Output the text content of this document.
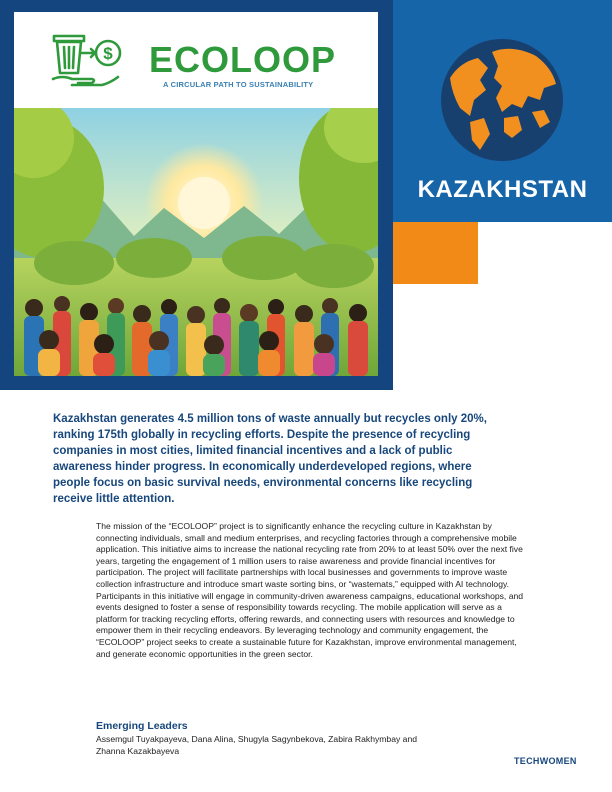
$ ECOLOOP
A CIRCULAR PATH TO SUSTAINABILITY
KAZAKHSTAN

Kazakhstan generates 4.5 million tons of waste annually but recycles only 20%, ranking 175th globally in recycling efforts. Despite the presence of recycling companies in most cities, limited financial incentives and a lack of public awareness hinder progress. In economically underdeveloped regions, where people focus on basic survival needs, environmental concerns like recycling receive little attention.

The mission of the “ECOLOOP” project is to significantly enhance the recycling culture in Kazakhstan by connecting individuals, small and medium enterprises, and recycling factories through a comprehensive mobile application. This initiative aims to increase the national recycling rate from 20% to at least 50% over the next five years, targeting the engagement of 1 million users to raise awareness and provide financial incentives for participation. The project will facilitate partnerships with local businesses and governments to improve waste collection infrastructure and introduce smart waste sorting bins, or “wastemats,” equipped with AI technology. Participants in this initiative will engage in community-driven awareness campaigns, educational workshops, and events designed to foster a sense of responsibility towards recycling. The mobile application will serve as a platform for tracking recycling efforts, offering rewards, and connecting users with resources and knowledge to empower them in their recycling endeavors. By leveraging technology and community engagement, the “ECOLOOP” project seeks to create a sustainable future for Kazakhstan, improve environmental management, and generate economic opportunities in the green sector.

Emerging Leaders

Assemgul Tuyakpayeva, Dana Alina, Shugyla Sagynbekova, Zabira Rakhymbay and Zhanna Kazakbayeva

TECHWOMEN
